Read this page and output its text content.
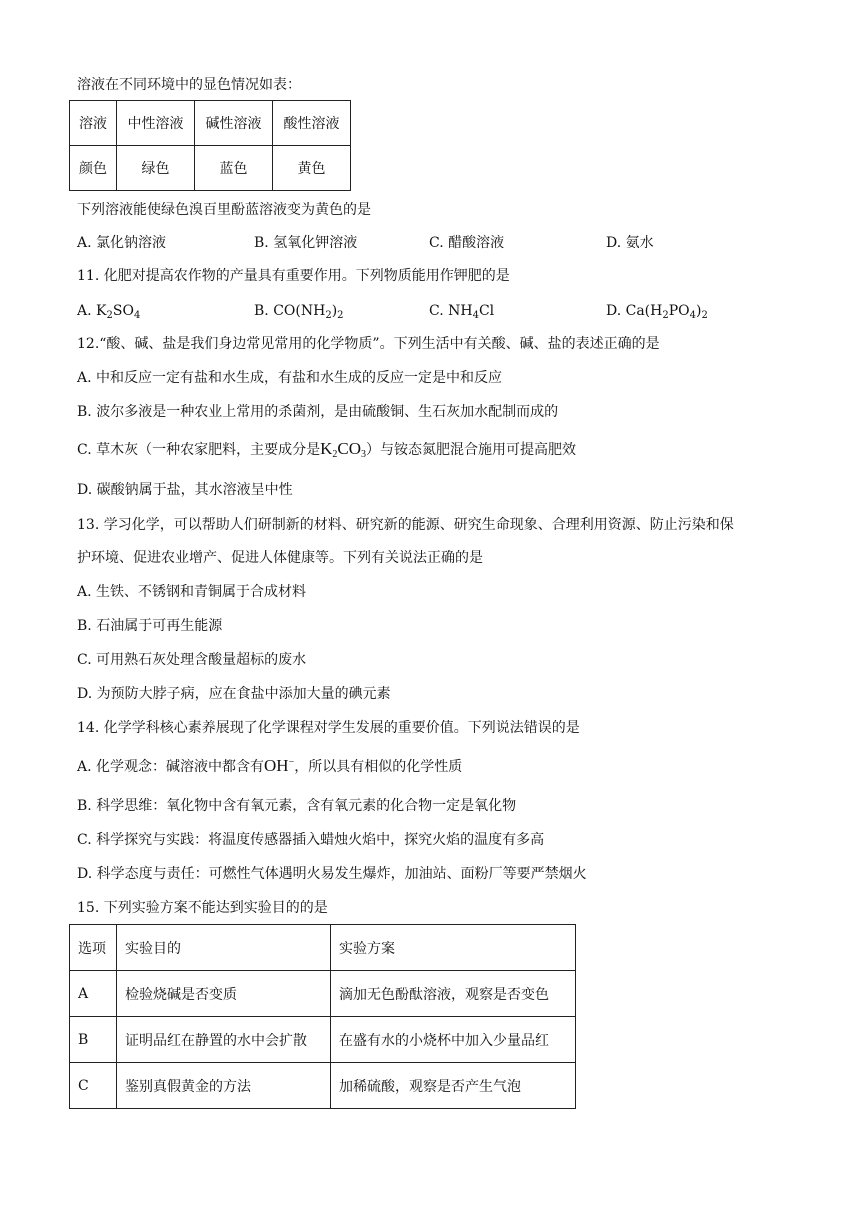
溶液在不同环境中的显色情况如表：
溶液	中性溶液	碱性溶液	酸性溶液
颜色	绿色	蓝色	黄色
下列溶液能使绿色溴百里酚蓝溶液变为黄色的是
A. 氯化钠溶液	B. 氢氧化钾溶液	C. 醋酸溶液	D. 氨水
11. 化肥对提高农作物的产量具有重要作用。下列物质能用作钾肥的是
A. $K_2SO_4$	B. $CO(NH_2)_2$	C. $NH_4Cl$	D. $Ca(H_2PO_4)_2$
12.“酸、碱、盐是我们身边常见常用的化学物质”。下列生活中有关酸、碱、盐的表述正确的是
A. 中和反应一定有盐和水生成，有盐和水生成的反应一定是中和反应
B. 波尔多液是一种农业上常用的杀菌剂，是由硫酸铜、生石灰加水配制而成的
C. 草木灰（一种农家肥料，主要成分是$K_2CO_3$）与铵态氮肥混合施用可提高肥效
D. 碳酸钠属于盐，其水溶液呈中性
13. 学习化学，可以帮助人们研制新的材料、研究新的能源、研究生命现象、合理利用资源、防止污染和保
护环境、促进农业增产、促进人体健康等。下列有关说法正确的是
A. 生铁、不锈钢和青铜属于合成材料
B. 石油属于可再生能源
C. 可用熟石灰处理含酸量超标的废水
D. 为预防大脖子病，应在食盐中添加大量的碘元素
14. 化学学科核心素养展现了化学课程对学生发展的重要价值。下列说法错误的是
A. 化学观念：碱溶液中都含有OH−，所以具有相似的化学性质
B. 科学思维：氧化物中含有氧元素，含有氧元素的化合物一定是氧化物
C. 科学探究与实践：将温度传感器插入蜡烛火焰中，探究火焰的温度有多高
D. 科学态度与责任：可燃性气体遇明火易发生爆炸，加油站、面粉厂等要严禁烟火
15. 下列实验方案不能达到实验目的的是
选项	实验目的	实验方案
A	检验烧碱是否变质	滴加无色酚酞溶液，观察是否变色
B	证明品红在静置的水中会扩散	在盛有水的小烧杯中加入少量品红
C	鉴别真假黄金的方法	加稀硫酸，观察是否产生气泡
